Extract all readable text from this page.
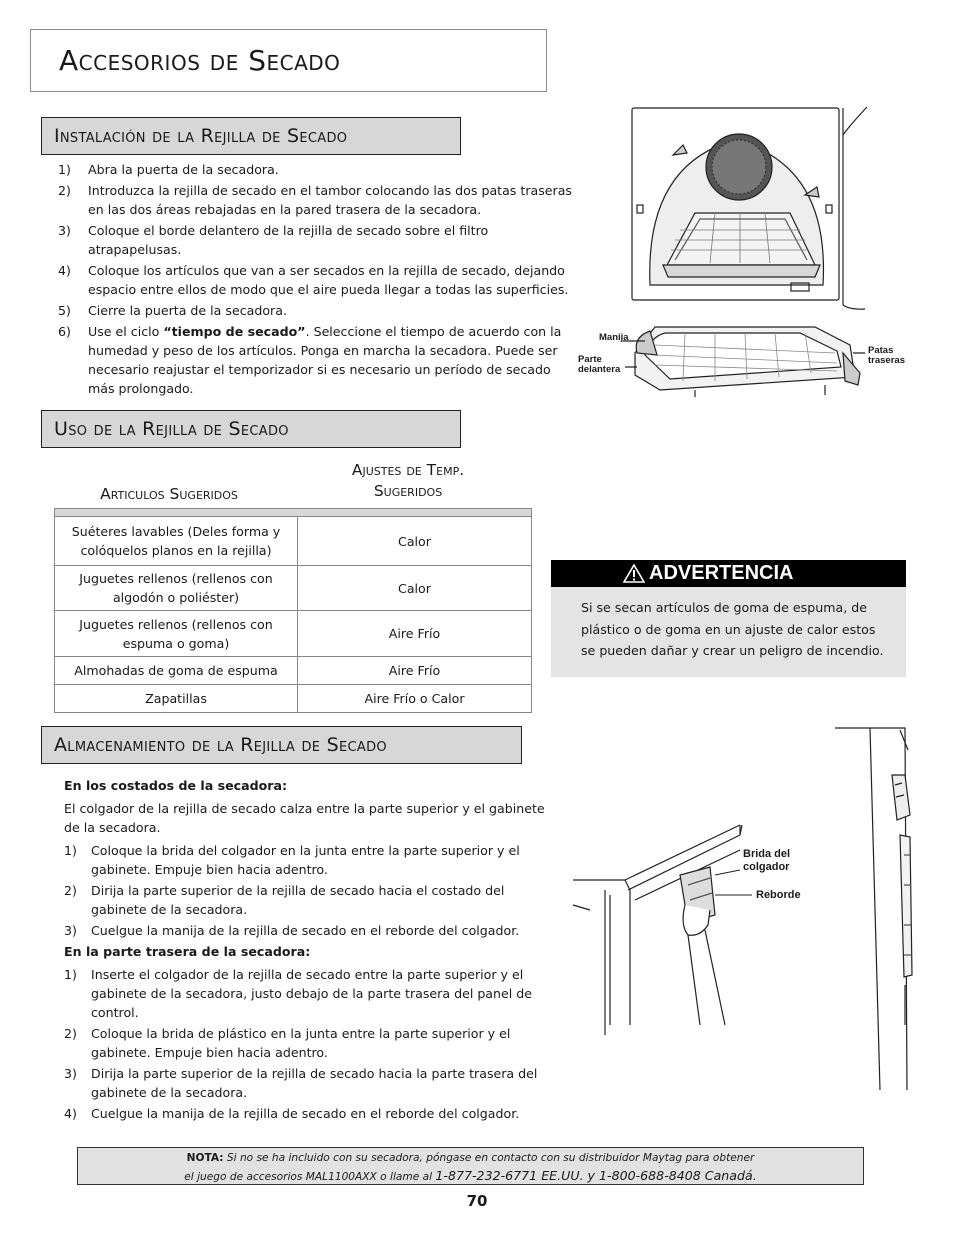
Accesorios de Secado
Instalación de la Rejilla de Secado
1) Abra la puerta de la secadora.
2) Introduzca la rejilla de secado en el tambor colocando las dos patas traseras en las dos áreas rebajadas en la pared trasera de la secadora.
3) Coloque el borde delantero de la rejilla de secado sobre el filtro atrapapelusas.
4) Coloque los artículos que van a ser secados en la rejilla de secado, dejando espacio entre ellos de modo que el aire pueda llegar a todas las superficies.
5) Cierre la puerta de la secadora.
6) Use el ciclo “tiempo de secado”. Seleccione el tiempo de acuerdo con la humedad y peso de los artículos. Ponga en marcha la secadora. Puede ser necesario reajustar el temporizador si es necesario un período de secado más prolongado.
Manija
Parte delantera
Patas traseras
Uso de la Rejilla de Secado
Articulos Sugeridos
Ajustes de Temp.
Sugeridos
Suéteres lavables (Deles forma y colóquelos planos en la rejilla)	Calor
Juguetes rellenos (rellenos con algodón o poliéster)	Calor
Juguetes rellenos (rellenos con espuma o goma)	Aire Frío
Almohadas de goma de espuma	Aire Frío
Zapatillas	Aire Frío o Calor
ADVERTENCIA
Si se secan artículos de goma de espuma, de plástico o de goma en un ajuste de calor estos se pueden dañar y crear un peligro de incendio.
Almacenamiento de la Rejilla de Secado
En los costados de la secadora:
El colgador de la rejilla de secado calza entre la parte superior y el gabinete de la secadora.
1) Coloque la brida del colgador en la junta entre la parte superior y el gabinete. Empuje bien hacia adentro.
2) Dirija la parte superior de la rejilla de secado hacia el costado del gabinete de la secadora.
3) Cuelgue la manija de la rejilla de secado en el reborde del colgador.
En la parte trasera de la secadora:
1) Inserte el colgador de la rejilla de secado entre la parte superior y el gabinete de la secadora, justo debajo de la parte trasera del panel de control.
2) Coloque la brida de plástico en la junta entre la parte superior y el gabinete. Empuje bien hacia adentro.
3) Dirija la parte superior de la rejilla de secado hacia la parte trasera del gabinete de la secadora.
4) Cuelgue la manija de la rejilla de secado en el reborde del colgador.
Brida del colgador
Reborde
NOTA: Si no se ha incluido con su secadora, póngase en contacto con su distribuidor Maytag para obtener
el juego de accesorios MAL1100AXX o llame al 1-877-232-6771 EE.UU. y 1-800-688-8408 Canadá.
70
